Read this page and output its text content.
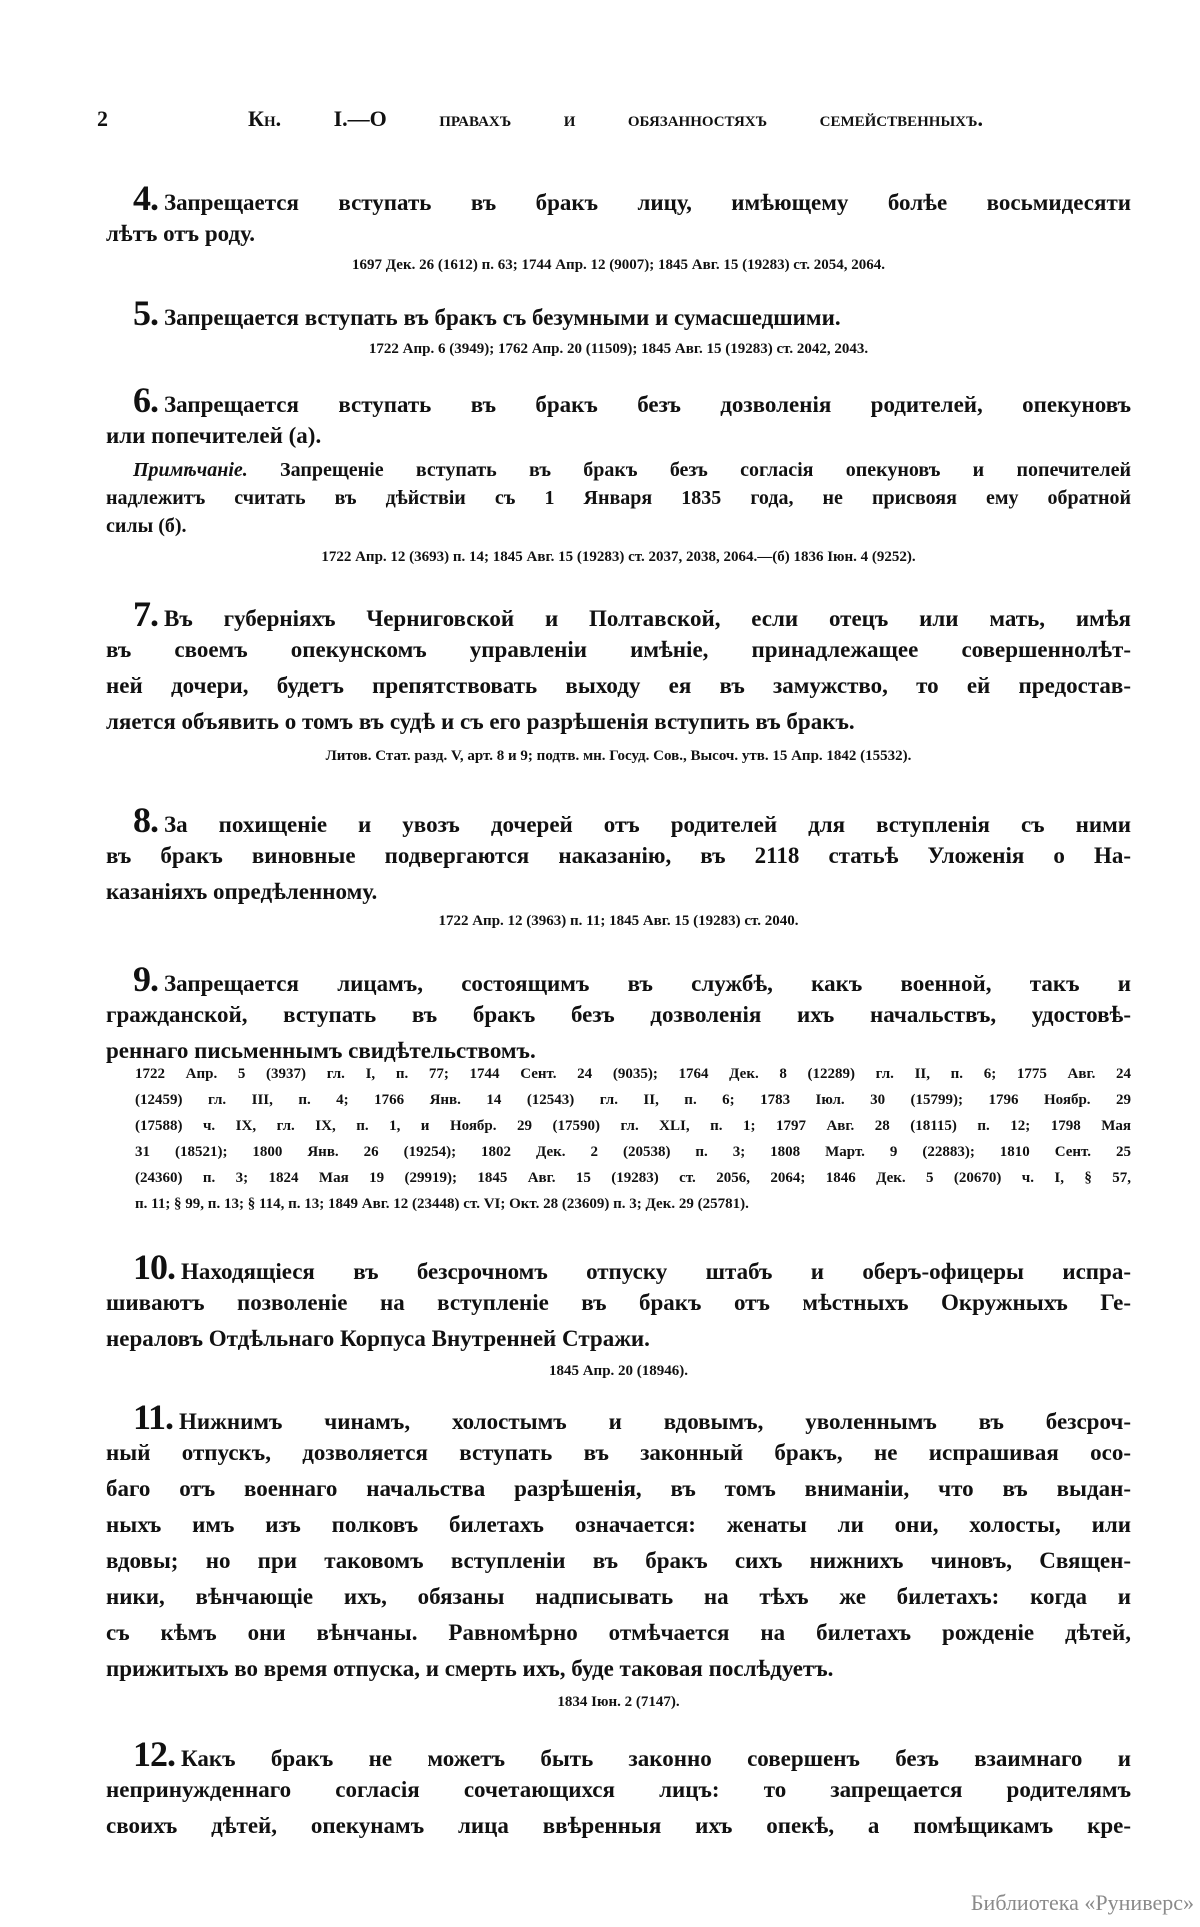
2	Кн. I.—О правахъ и обязанностяхъ семейственныхъ.
4. Запрещается вступать въ бракъ лицу, имѣющему болѣе восьмидесяти
лѣтъ отъ роду.
1697 Дек. 26 (1612) п. 63; 1744 Апр. 12 (9007); 1845 Авг. 15 (19283) ст. 2054, 2064.
5. Запрещается вступать въ бракъ съ безумными и сумасшедшими.
1722 Апр. 6 (3949); 1762 Апр. 20 (11509); 1845 Авг. 15 (19283) ст. 2042, 2043.
6. Запрещается вступать въ бракъ безъ дозволенія родителей, опекуновъ
или попечителей (а).
Примѣчаніе. Запрещеніе вступать въ бракъ безъ согласія опекуновъ и попечителей
надлежитъ считать въ дѣйствіи съ 1 Января 1835 года, не присвояя ему обратной
силы (б).
1722 Апр. 12 (3693) п. 14; 1845 Авг. 15 (19283) ст. 2037, 2038, 2064.—(б) 1836 Іюн. 4 (9252).
7. Въ губерніяхъ Черниговской и Полтавской, если отецъ или мать, имѣя
въ своемъ опекунскомъ управленіи имѣніе, принадлежащее совершеннолѣт-
ней дочери, будетъ препятствовать выходу ея въ замужство, то ей предостав-
ляется объявить о томъ въ судѣ и съ его разрѣшенія вступить въ бракъ.
Литов. Стат. разд. V, арт. 8 и 9; подтв. мн. Госуд. Сов., Высоч. утв. 15 Апр. 1842 (15532).
8. За похищеніе и увозъ дочерей отъ родителей для вступленія съ ними
въ бракъ виновные подвергаются наказанію, въ 2118 статьѣ Уложенія о На-
казаніяхъ опредѣленному.
1722 Апр. 12 (3963) п. 11; 1845 Авг. 15 (19283) ст. 2040.
9. Запрещается лицамъ, состоящимъ въ службѣ, какъ военной, такъ и
гражданской, вступать въ бракъ безъ дозволенія ихъ начальствъ, удостовѣ-
реннаго письменнымъ свидѣтельствомъ.
1722 Апр. 5 (3937) гл. I, п. 77; 1744 Сент. 24 (9035); 1764 Дек. 8 (12289) гл. II, п. 6; 1775 Авг. 24
(12459) гл. III, п. 4; 1766 Янв. 14 (12543) гл. II, п. 6; 1783 Іюл. 30 (15799); 1796 Ноябр. 29
(17588) ч. IX, гл. IX, п. 1, и Ноябр. 29 (17590) гл. XLI, п. 1; 1797 Авг. 28 (18115) п. 12; 1798 Мая
31 (18521); 1800 Янв. 26 (19254); 1802 Дек. 2 (20538) п. 3; 1808 Март. 9 (22883); 1810 Сент. 25
(24360) п. 3; 1824 Мая 19 (29919); 1845 Авг. 15 (19283) ст. 2056, 2064; 1846 Дек. 5 (20670) ч. I, § 57,
п. 11; § 99, п. 13; § 114, п. 13; 1849 Авг. 12 (23448) ст. VI; Окт. 28 (23609) п. 3; Дек. 29 (25781).
10. Находящіеся въ безсрочномъ отпуску штабъ и оберъ-офицеры испра-
шиваютъ позволеніе на вступленіе въ бракъ отъ мѣстныхъ Окружныхъ Ге-
нераловъ Отдѣльнаго Корпуса Внутренней Стражи.
1845 Апр. 20 (18946).
11. Нижнимъ чинамъ, холостымъ и вдовымъ, уволеннымъ въ безсроч-
ный отпускъ, дозволяется вступать въ законный бракъ, не испрашивая осо-
баго отъ военнаго начальства разрѣшенія, въ томъ вниманіи, что въ выдан-
ныхъ имъ изъ полковъ билетахъ означается: женаты ли они, холосты, или
вдовы; но при таковомъ вступленіи въ бракъ сихъ нижнихъ чиновъ, Священ-
ники, вѣнчающіе ихъ, обязаны надписывать на тѣхъ же билетахъ: когда и
съ кѣмъ они вѣнчаны. Равномѣрно отмѣчается на билетахъ рожденіе дѣтей,
прижитыхъ во время отпуска, и смерть ихъ, буде таковая послѣдуетъ.
1834 Іюн. 2 (7147).
12. Какъ бракъ не можетъ быть законно совершенъ безъ взаимнаго и
непринужденнаго согласія сочетающихся лицъ: то запрещается родителямъ
своихъ дѣтей, опекунамъ лица ввѣренныя ихъ опекѣ, а помѣщикамъ кре-
Библиотека «Руниверс»
